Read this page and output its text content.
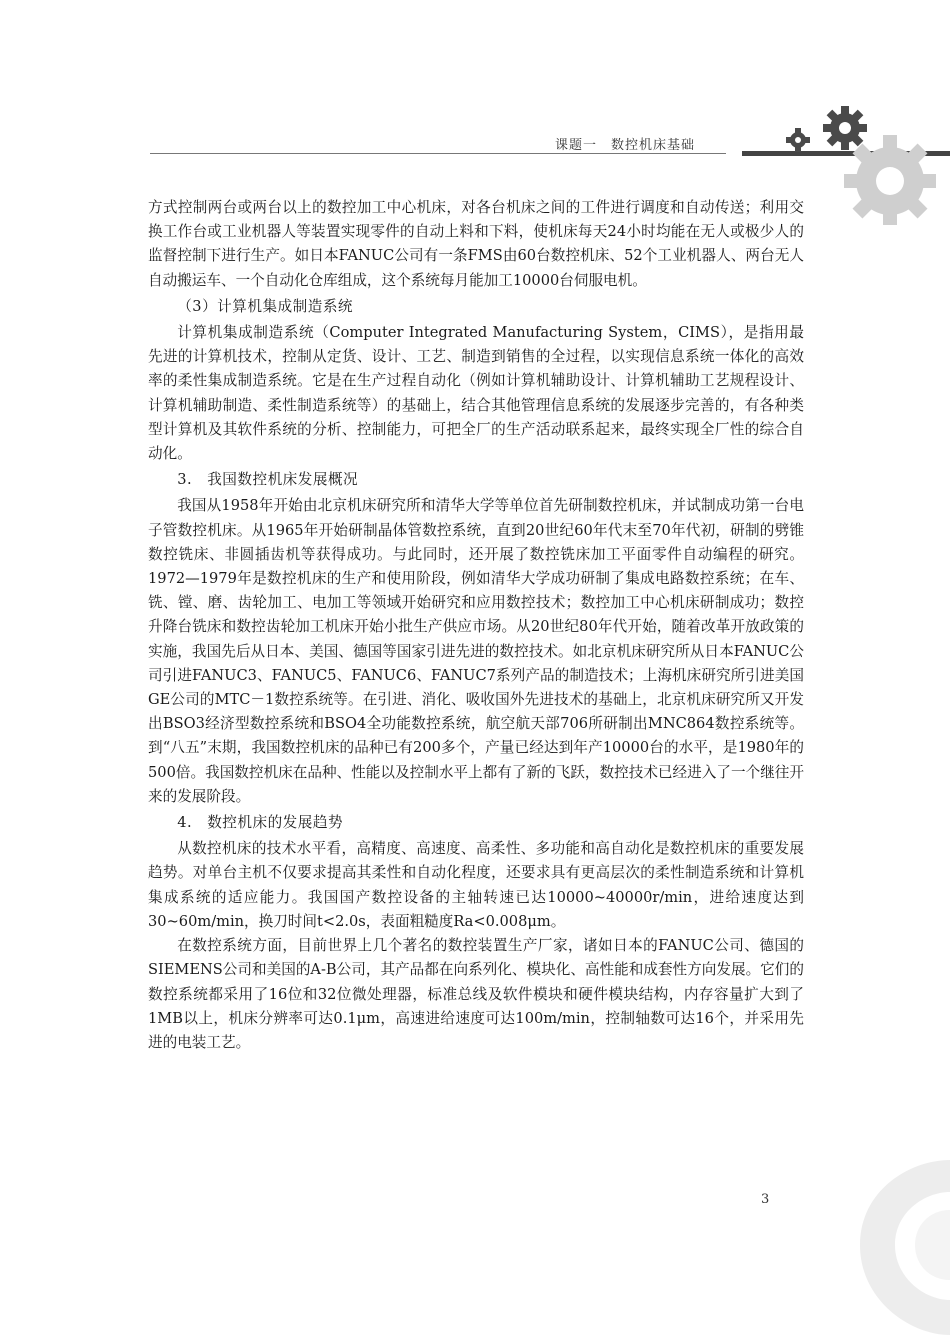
课题一　数控机床基础

方式控制两台或两台以上的数控加工中心机床，对各台机床之间的工件进行调度和自动传送；利用交换工作台或工业机器人等装置实现零件的自动上料和下料，使机床每天24小时均能在无人或极少人的监督控制下进行生产。如日本FANUC公司有一条FMS由60台数控机床、52个工业机器人、两台无人自动搬运车、一个自动化仓库组成，这个系统每月能加工10000台伺服电机。

（3）计算机集成制造系统

计算机集成制造系统（Computer Integrated Manufacturing System，CIMS），是指用最先进的计算机技术，控制从定货、设计、工艺、制造到销售的全过程，以实现信息系统一体化的高效率的柔性集成制造系统。它是在生产过程自动化（例如计算机辅助设计、计算机辅助工艺规程设计、计算机辅助制造、柔性制造系统等）的基础上，结合其他管理信息系统的发展逐步完善的，有各种类型计算机及其软件系统的分析、控制能力，可把全厂的生产活动联系起来，最终实现全厂性的综合自动化。

3.　我国数控机床发展概况

我国从1958年开始由北京机床研究所和清华大学等单位首先研制数控机床，并试制成功第一台电子管数控机床。从1965年开始研制晶体管数控系统，直到20世纪60年代末至70年代初，研制的劈锥数控铣床、非圆插齿机等获得成功。与此同时，还开展了数控铣床加工平面零件自动编程的研究。1972—1979年是数控机床的生产和使用阶段，例如清华大学成功研制了集成电路数控系统；在车、铣、镗、磨、齿轮加工、电加工等领域开始研究和应用数控技术；数控加工中心机床研制成功；数控升降台铣床和数控齿轮加工机床开始小批生产供应市场。从20世纪80年代开始，随着改革开放政策的实施，我国先后从日本、美国、德国等国家引进先进的数控技术。如北京机床研究所从日本FANUC公司引进FANUC3、FANUC5、FANUC6、FANUC7系列产品的制造技术；上海机床研究所引进美国GE公司的MTC－1数控系统等。在引进、消化、吸收国外先进技术的基础上，北京机床研究所又开发出BSO3经济型数控系统和BSO4全功能数控系统，航空航天部706所研制出MNC864数控系统等。到“八五”末期，我国数控机床的品种已有200多个，产量已经达到年产10000台的水平，是1980年的500倍。我国数控机床在品种、性能以及控制水平上都有了新的飞跃，数控技术已经进入了一个继往开来的发展阶段。

4.　数控机床的发展趋势

从数控机床的技术水平看，高精度、高速度、高柔性、多功能和高自动化是数控机床的重要发展趋势。对单台主机不仅要求提高其柔性和自动化程度，还要求具有更高层次的柔性制造系统和计算机集成系统的适应能力。我国国产数控设备的主轴转速已达10000~40000r/min，进给速度达到30~60m/min，换刀时间t<2.0s，表面粗糙度Ra<0.008μm。

在数控系统方面，目前世界上几个著名的数控装置生产厂家，诸如日本的FANUC公司、德国的SIEMENS公司和美国的A-B公司，其产品都在向系列化、模块化、高性能和成套性方向发展。它们的数控系统都采用了16位和32位微处理器，标准总线及软件模块和硬件模块结构，内存容量扩大到了1MB以上，机床分辨率可达0.1μm，高速进给速度可达100m/min，控制轴数可达16个，并采用先进的电装工艺。

3
